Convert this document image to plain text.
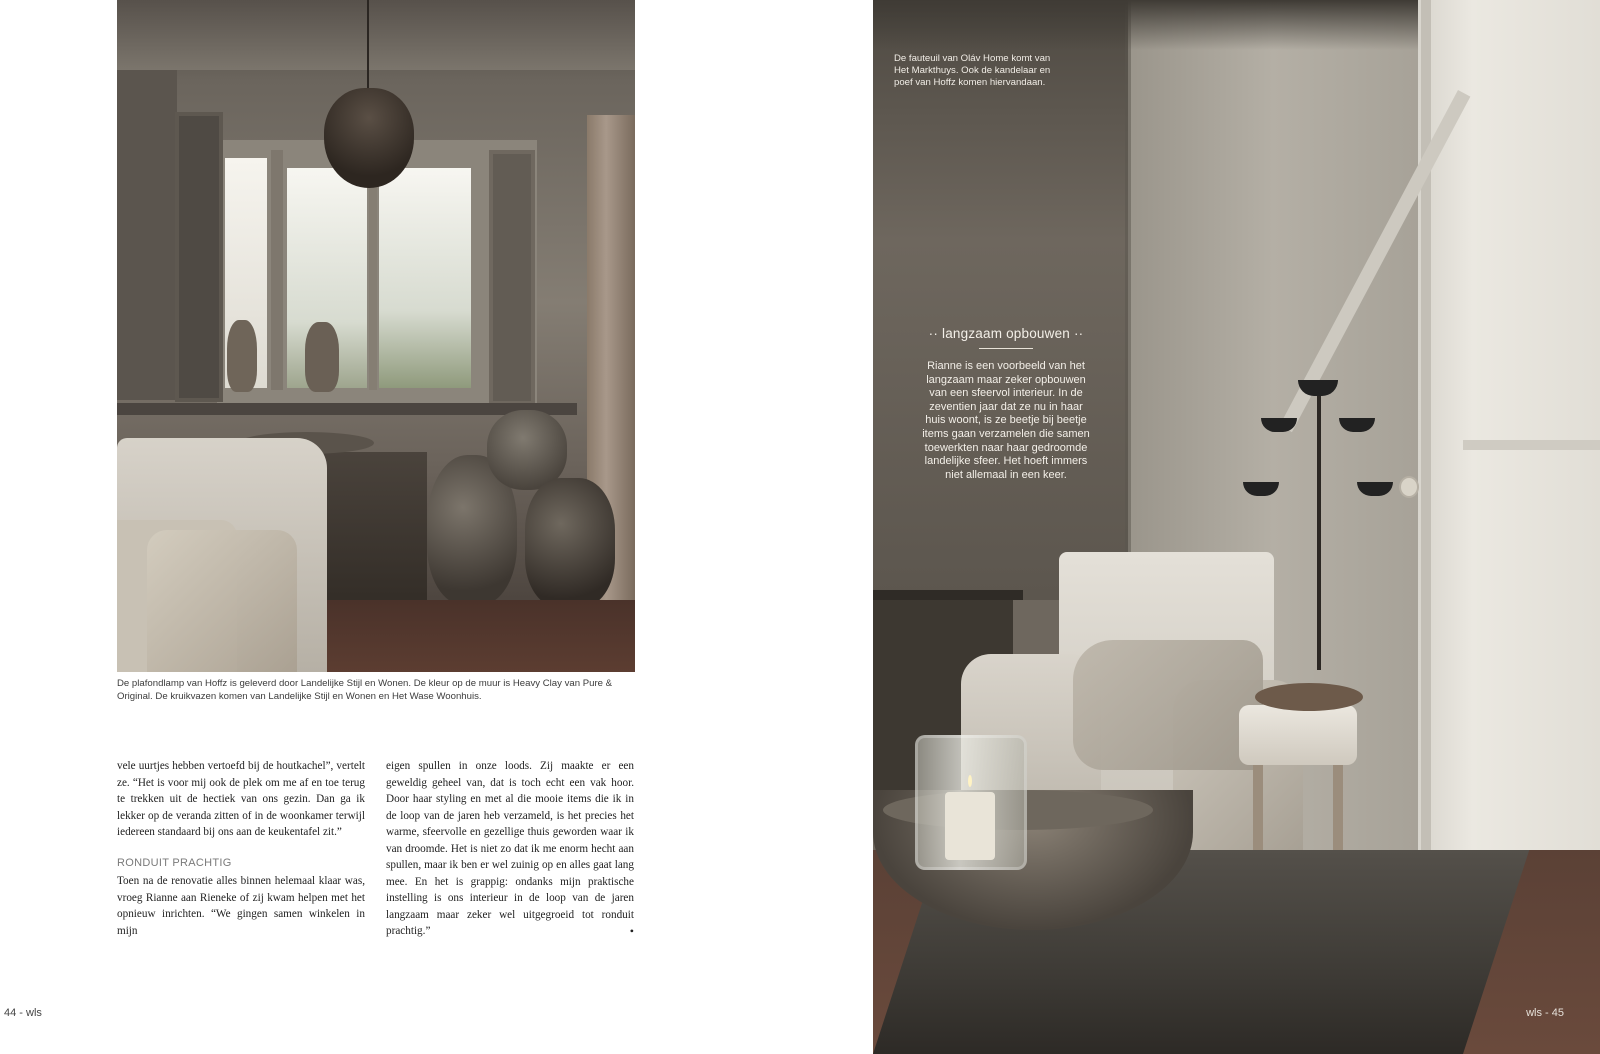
De plafondlamp van Hoffz is geleverd door Landelijke Stijl en Wonen. De kleur op de muur is Heavy Clay van Pure & Original. De kruikvazen komen van Landelijke Stijl en Wonen en Het Wase Woonhuis.

vele uurtjes hebben vertoefd bij de houtkachel”, vertelt ze. “Het is voor mij ook de plek om me af en toe terug te trekken uit de hectiek van ons gezin. Dan ga ik lekker op de veranda zitten of in de woonkamer terwijl iedereen standaard bij ons aan de keukentafel zit.”

RONDUIT PRACHTIG

Toen na de renovatie alles binnen helemaal klaar was, vroeg Rianne aan Rieneke of zij kwam helpen met het opnieuw inrichten. “We gingen samen winkelen in mijn

eigen spullen in onze loods. Zij maakte er een geweldig geheel van, dat is toch echt een vak hoor. Door haar styling en met al die mooie items die ik in de loop van de jaren heb verzameld, is het precies het warme, sfeervolle en gezellige thuis geworden waar ik van droomde. Het is niet zo dat ik me enorm hecht aan spullen, maar ik ben er wel zuinig op en alles gaat lang mee. En het is grappig: ondanks mijn praktische instelling is ons interieur in de loop van de jaren langzaam maar zeker wel uitgegroeid tot ronduit prachtig.”	•

44 - wls
De fauteuil van Oláv Home komt van Het Markthuys. Ook de kandelaar en poef van Hoffz komen hiervandaan.
·· langzaam opbouwen ··
Rianne is een voorbeeld van het langzaam maar zeker opbouwen van een sfeervol interieur. In de zeventien jaar dat ze nu in haar huis woont, is ze beetje bij beetje items gaan verzamelen die samen toewerkten naar haar gedroomde landelijke sfeer. Het hoeft immers niet allemaal in een keer.
wls - 45
